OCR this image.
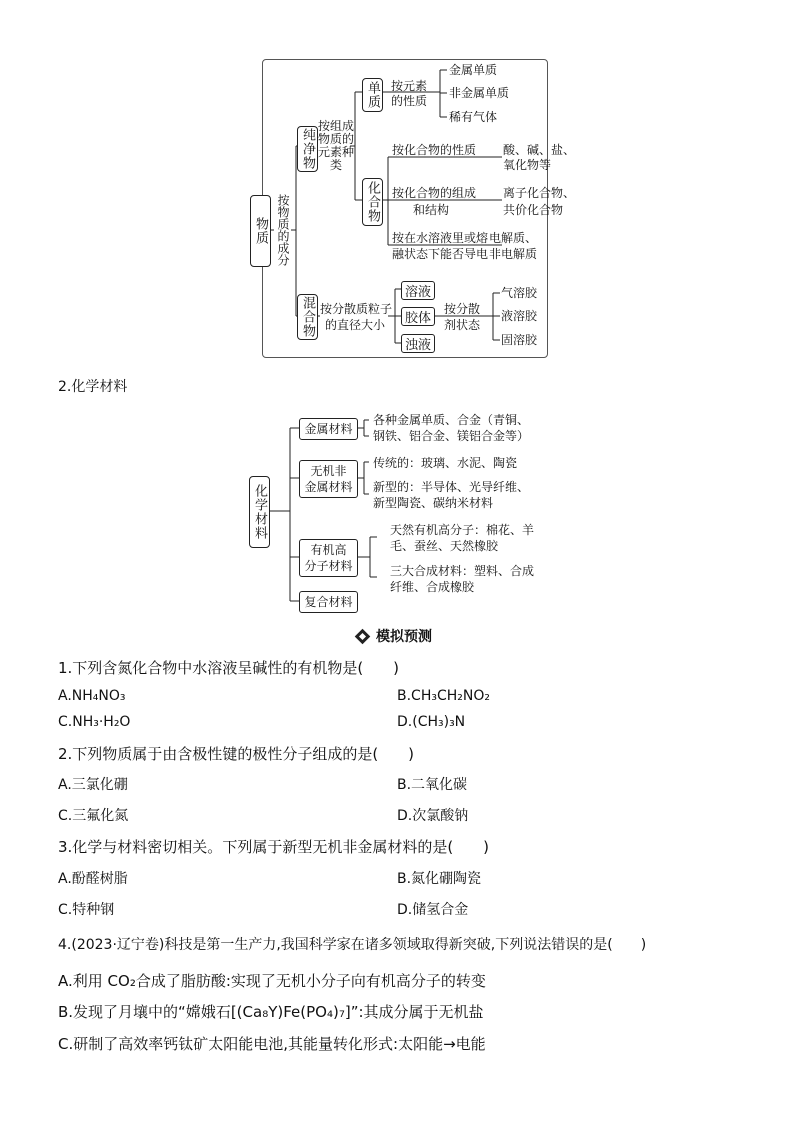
物质 按物质的成分
纯净物
混合物
按组成物质的元素种类
单质 按元素
的性质
金属单质
非金属单质
稀有气体
化合物
按化合物的性质 酸、碱、盐、
氧化物等
按化合物的组成
和结构
离子化合物、
共价化合物
按在水溶液里或熔
融状态下能否导电
电解质、
非电解质
按分散质粒子
的直径大小
溶液
胶体
浊液
按分散
剂状态
气溶胶
液溶胶
固溶胶
2.化学材料
化学材料
金属材料
无机非
金属材料
有机高
分子材料
复合材料
各种金属单质、合金（青铜、
钢铁、铝合金、镁铝合金等）
传统的：玻璃、水泥、陶瓷
新型的：半导体、光导纤维、
新型陶瓷、碳纳米材料
天然有机高分子：棉花、羊
毛、蚕丝、天然橡胶
三大合成材料：塑料、合成
纤维、合成橡胶
模拟预测
1.下列含氮化合物中水溶液呈碱性的有机物是(　　)
A.NH₄NO₃	B.CH₃CH₂NO₂
C.NH₃·H₂O	D.(CH₃)₃N
2.下列物质属于由含极性键的极性分子组成的是(　　)
A.三氯化硼	B.二氧化碳
C.三氟化氮	D.次氯酸钠
3.化学与材料密切相关。下列属于新型无机非金属材料的是(　　)
A.酚醛树脂	B.氮化硼陶瓷
C.特种钢	D.储氢合金
4.(2023·辽宁卷)科技是第一生产力,我国科学家在诸多领域取得新突破,下列说法错误的是(　　)
A.利用 CO₂合成了脂肪酸:实现了无机小分子向有机高分子的转变
B.发现了月壤中的“嫦娥石[(Ca₈Y)Fe(PO₄)₇]”:其成分属于无机盐
C.研制了高效率钙钛矿太阳能电池,其能量转化形式:太阳能→电能
